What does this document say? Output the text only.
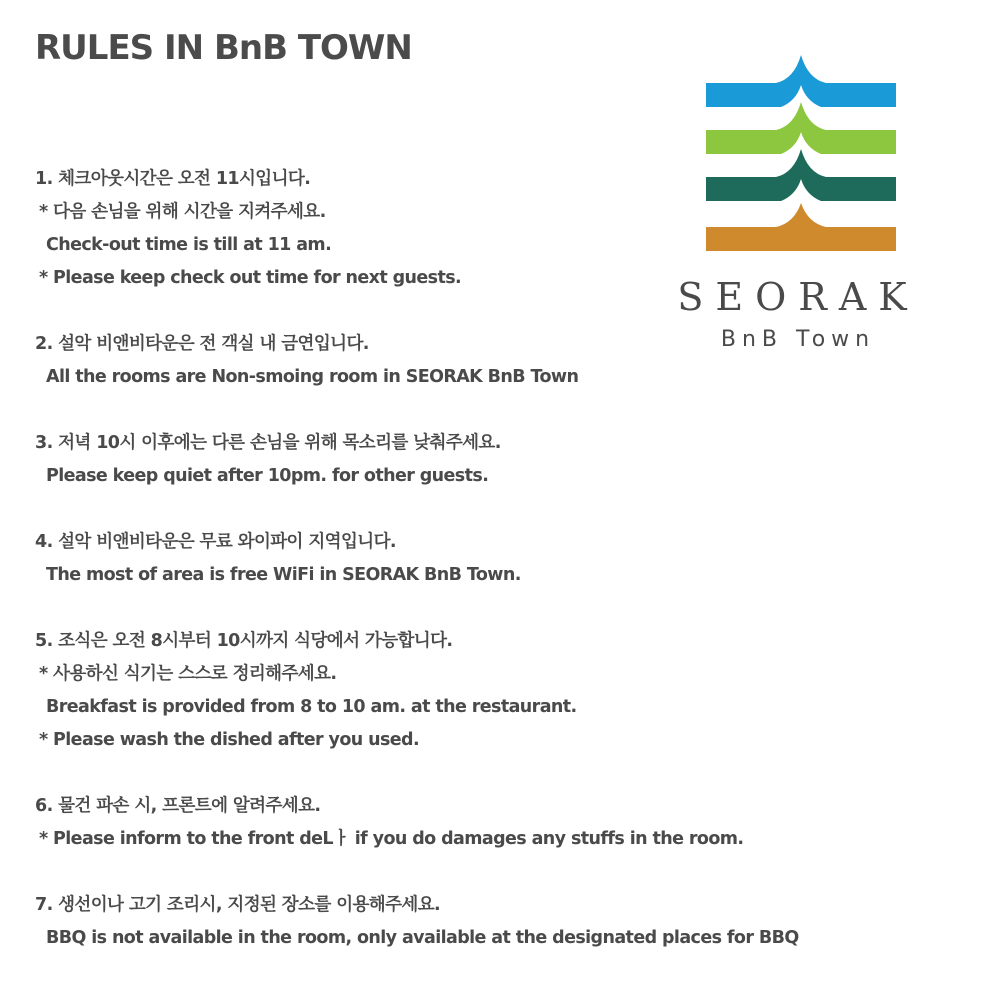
RULES IN BnB TOWN
1. 체크아웃시간은 오전 11시입니다.
* 다음 손님을 위해 시간을 지켜주세요.
Check-out time is till at 11 am.
* Please keep check out time for next guests.
2. 설악 비앤비타운은 전 객실 내 금연입니다.
All the rooms are Non-smoing room in SEORAK BnB Town
3. 저녁 10시 이후에는 다른 손님을 위해 목소리를 낮춰주세요.
Please keep quiet after 10pm. for other guests.
4. 설악 비앤비타운은 무료 와이파이 지역입니다.
The most of area is free WiFi in SEORAK BnB Town.
5. 조식은 오전 8시부터 10시까지 식당에서 가능합니다.
* 사용하신 식기는 스스로 정리해주세요.
Breakfast is provided from 8 to 10 am. at the restaurant.
* Please wash the dished after you used.
6. 물건 파손 시, 프론트에 알려주세요.
* Please inform to the front deLㅏ if you do damages any stuffs in the room.
7. 생선이나 고기 조리시, 지정된 장소를 이용해주세요.
BBQ is not available in the room, only available at the designated places for BBQ
SEORAK
BnB Town
